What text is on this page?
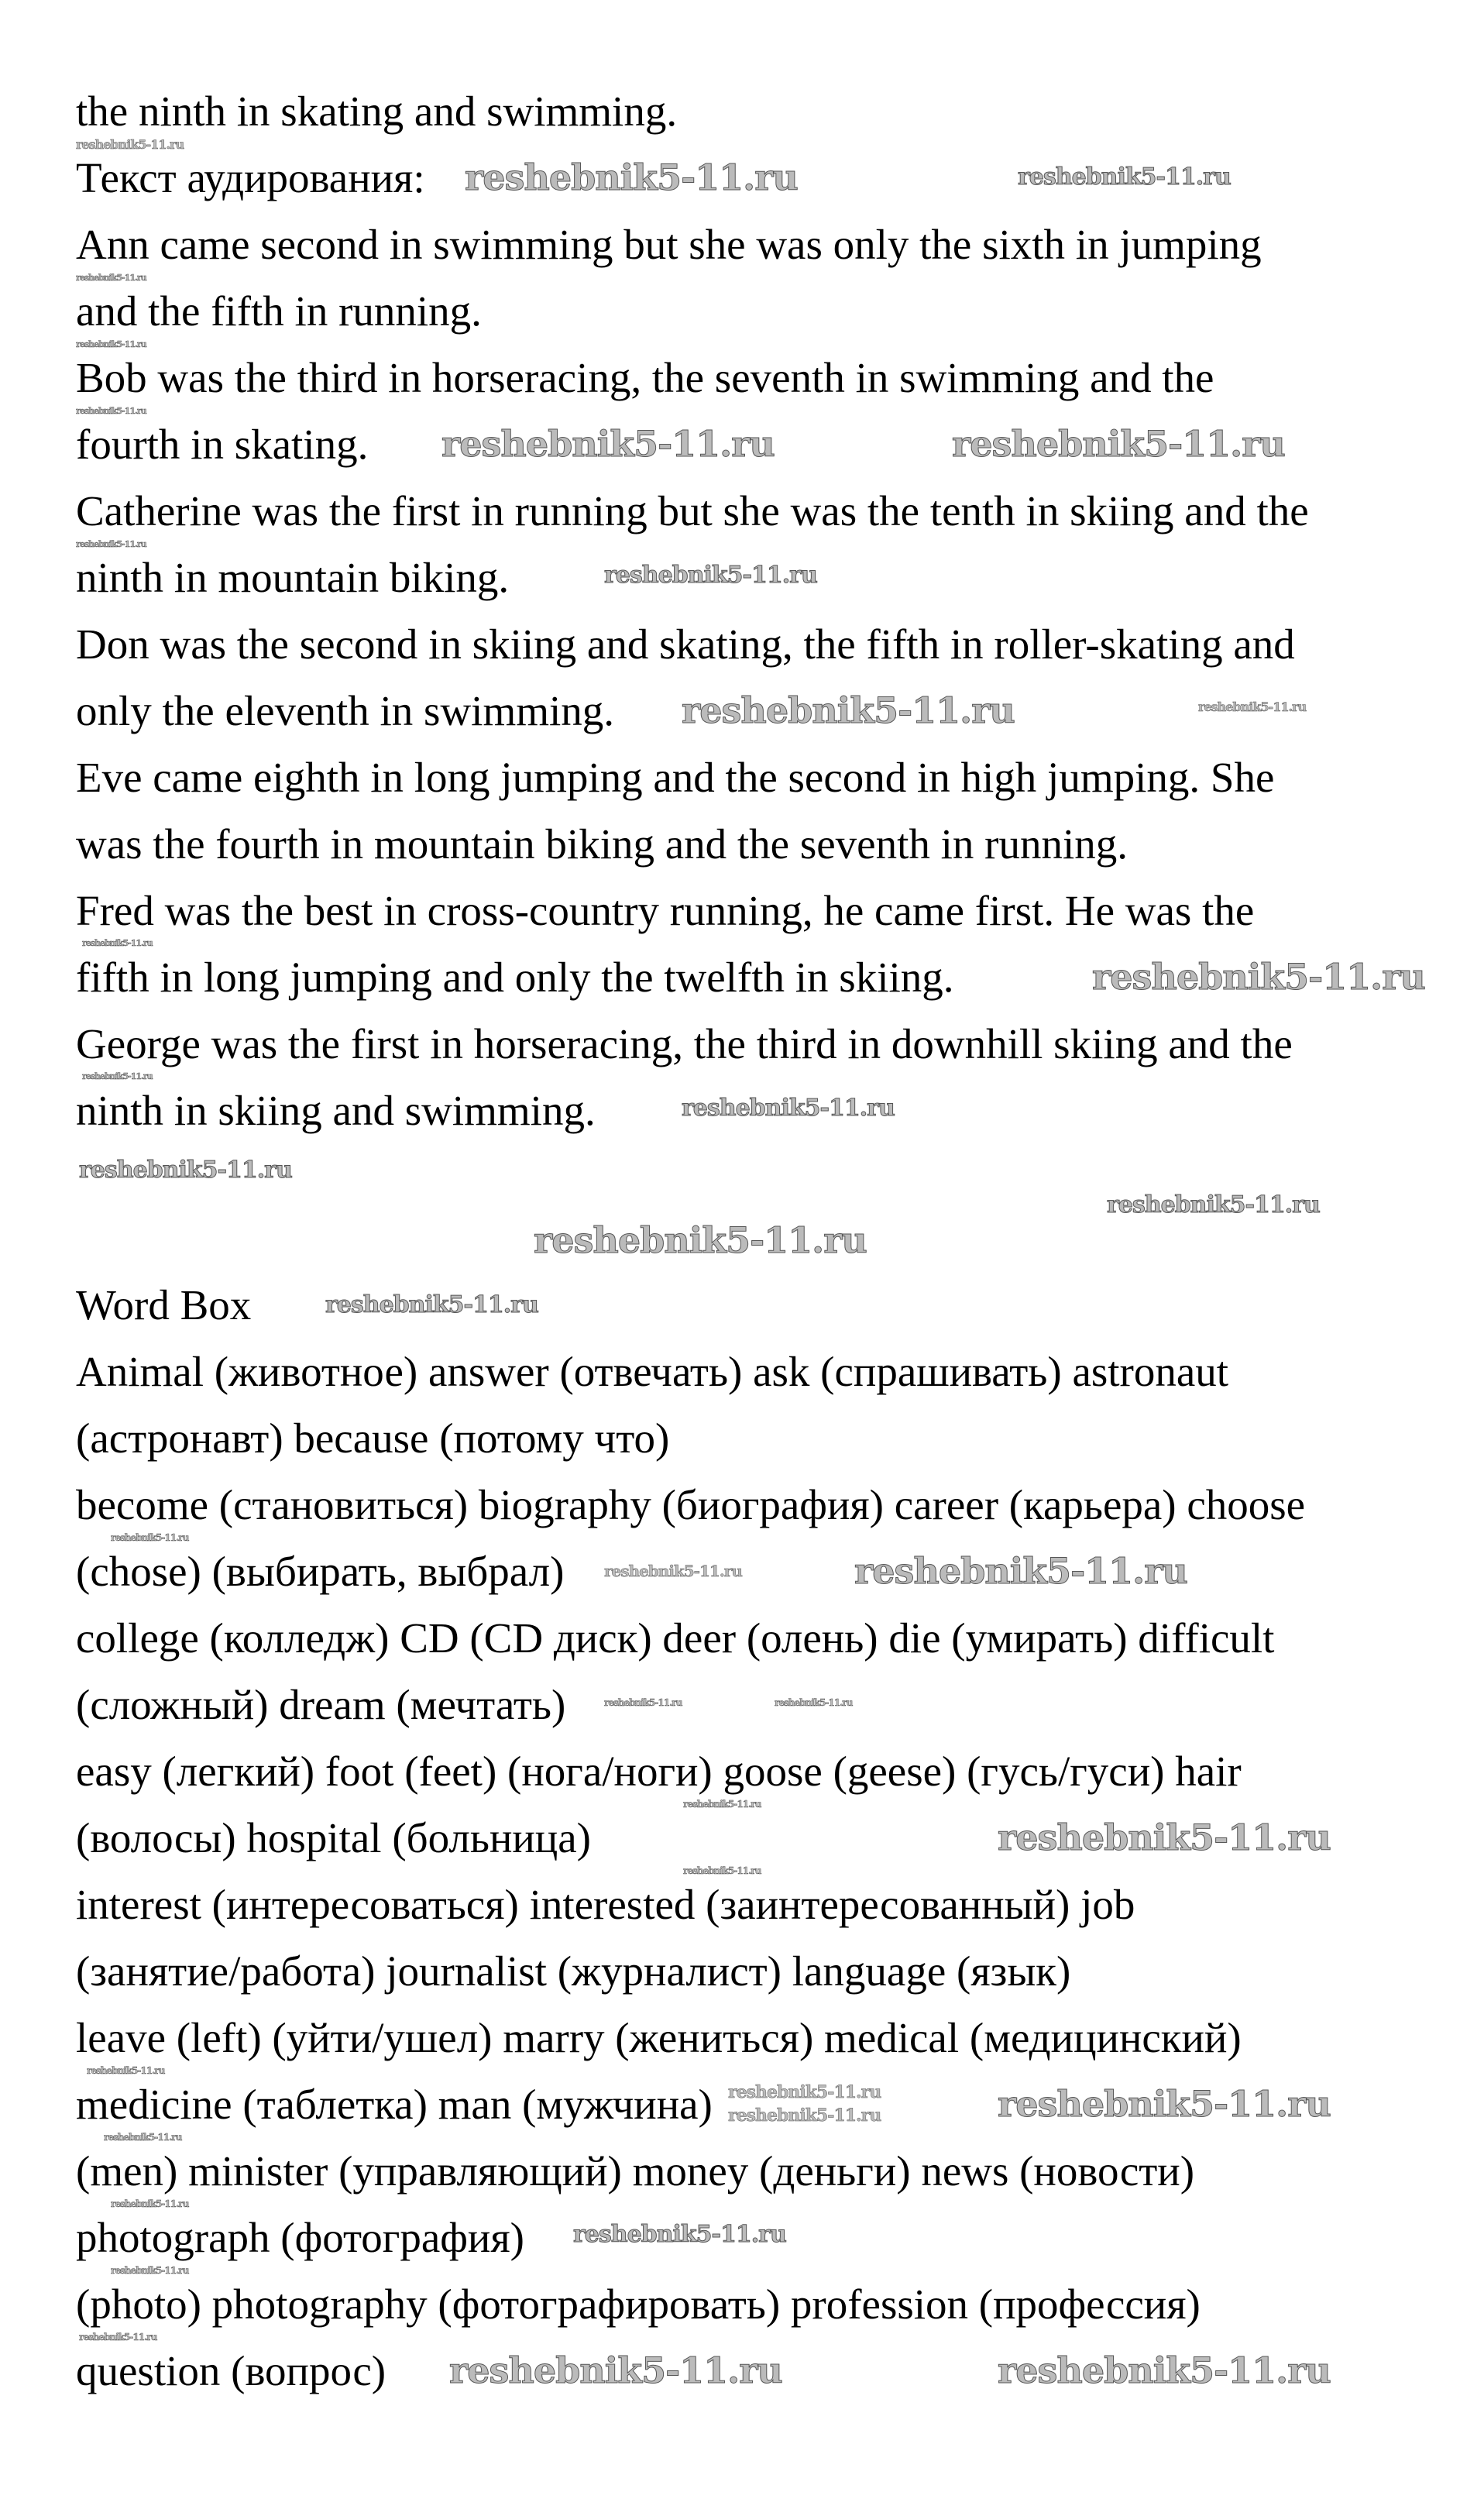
the ninth in skating and swimming.
Текст аудирования:
Ann came second in swimming but she was only the sixth in jumping
and the fifth in running.
Bob was the third in horseracing, the seventh in swimming and the
fourth in skating.
Catherine was the first in running but she was the tenth in skiing and the
ninth in mountain biking.
Don was the second in skiing and skating, the fifth in roller-skating and
only the eleventh in swimming.
Eve came eighth in long jumping and the second in high jumping. She
was the fourth in mountain biking and the seventh in running.
Fred was the best in cross-country running, he came first. He was the
fifth in long jumping and only the twelfth in skiing.
George was the first in horseracing, the third in downhill skiing and the
ninth in skiing and swimming.
Word Box
Animal (животное) answer (отвечать) ask (спрашивать) astronaut
(астронавт) because (потому что)
become (становиться) biography (биография) career (карьера) choose
(chose) (выбирать, выбрал)
college (колледж) CD (CD диск) deer (олень) die (умирать) difficult
(сложный) dream (мечтать)
easy (легкий) foot (feet) (нога/ноги) goose (geese) (гусь/гуси) hair
(волосы) hospital (больница)
interest (интересоваться) interested (заинтересованный) job
(занятие/работа) journalist (журналист) language (язык)
leave (left) (уйти/ушел) marry (жениться) medical (медицинский)
medicine (таблетка) man (мужчина)
(men) minister (управляющий) money (деньги) news (новости)
photograph (фотография)
(photo) photography (фотографировать) profession (профессия)
question (вопрос)
reshebnik5-11.ru
reshebnik5-11.ru	reshebnik5-11.ru
reshebnik5-11.ru
reshebnik5-11.ru
reshebnik5-11.ru
reshebnik5-11.ru	reshebnik5-11.ru
reshebnik5-11.ru
reshebnik5-11.ru	reshebnik5-11.ru
reshebnik5-11.ru
reshebnik5-11.ru
reshebnik5-11.ru
reshebnik5-11.ru
reshebnik5-11.ru
reshebnik5-11.ru
reshebnik5-11.ru
reshebnik5-11.ru
reshebnik5-11.ru
reshebnik5-11.ru
reshebnik5-11.ru	reshebnik5-11.ru
reshebnik5-11.ru	reshebnik5-11.ru
reshebnik5-11.ru
reshebnik5-11.ru
reshebnik5-11.ru
reshebnik5-11.ru
reshebnik5-11.ru
reshebnik5-11.ru
reshebnik5-11.ru	reshebnik5-11.ru
reshebnik5-11.ru
reshebnik5-11.ru
reshebnik5-11.ru
reshebnik5-11.ru
reshebnik5-11.ru	reshebnik5-11.ru
